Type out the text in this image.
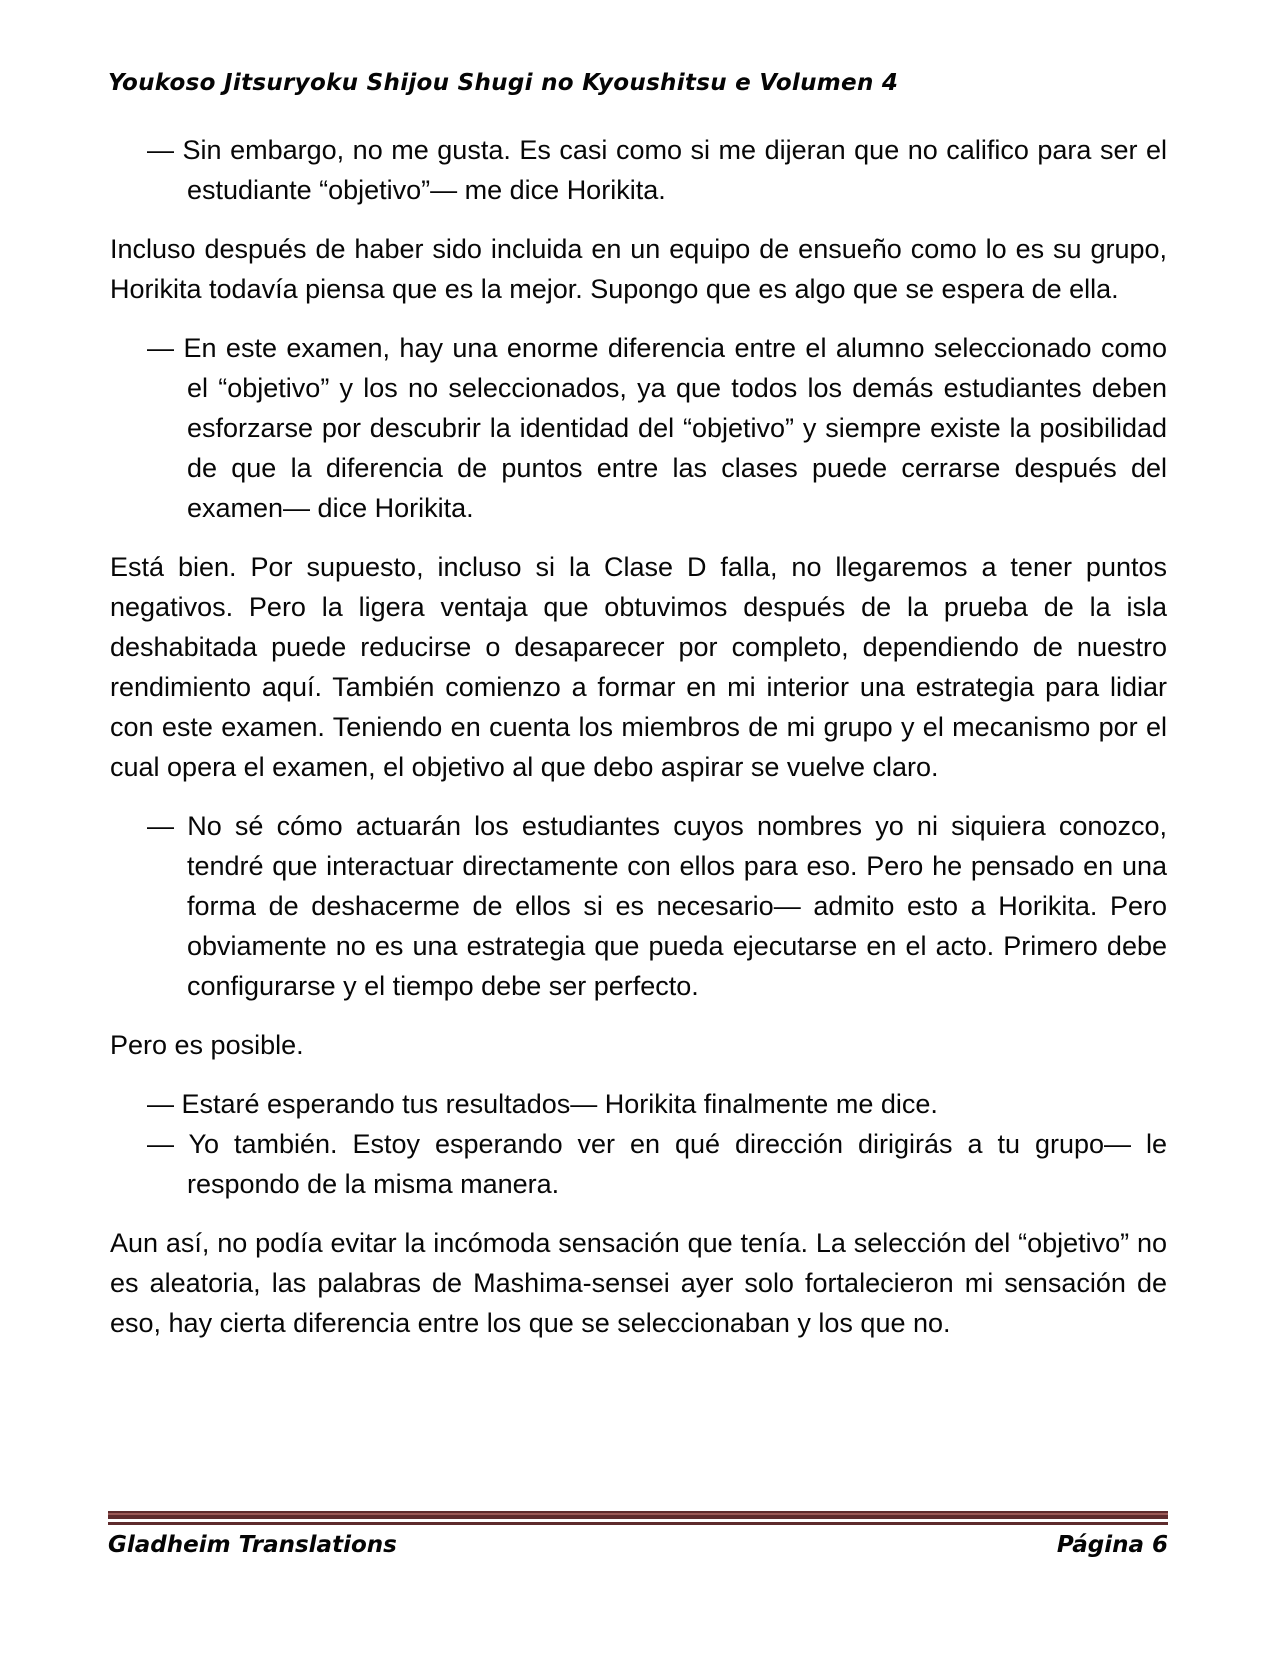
Youkoso Jitsuryoku Shijou Shugi no Kyoushitsu e Volumen 4

— Sin embargo, no me gusta. Es casi como si me dijeran que no califico para ser el estudiante “objetivo”— me dice Horikita.

Incluso después de haber sido incluida en un equipo de ensueño como lo es su grupo, Horikita todavía piensa que es la mejor. Supongo que es algo que se espera de ella.

— En este examen, hay una enorme diferencia entre el alumno seleccionado como el “objetivo” y los no seleccionados, ya que todos los demás estudiantes deben esforzarse por descubrir la identidad del “objetivo” y siempre existe la posibilidad de que la diferencia de puntos entre las clases puede cerrarse después del examen— dice Horikita.

Está bien. Por supuesto, incluso si la Clase D falla, no llegaremos a tener puntos negativos. Pero la ligera ventaja que obtuvimos después de la prueba de la isla deshabitada puede reducirse o desaparecer por completo, dependiendo de nuestro rendimiento aquí. También comienzo a formar en mi interior una estrategia para lidiar con este examen. Teniendo en cuenta los miembros de mi grupo y el mecanismo por el cual opera el examen, el objetivo al que debo aspirar se vuelve claro.

— No sé cómo actuarán los estudiantes cuyos nombres yo ni siquiera conozco, tendré que interactuar directamente con ellos para eso. Pero he pensado en una forma de deshacerme de ellos si es necesario— admito esto a Horikita. Pero obviamente no es una estrategia que pueda ejecutarse en el acto. Primero debe configurarse y el tiempo debe ser perfecto.

Pero es posible.

— Estaré esperando tus resultados— Horikita finalmente me dice.

— Yo también. Estoy esperando ver en qué dirección dirigirás a tu grupo— le respondo de la misma manera.

Aun así, no podía evitar la incómoda sensación que tenía. La selección del “objetivo” no es aleatoria, las palabras de Mashima-sensei ayer solo fortalecieron mi sensación de eso, hay cierta diferencia entre los que se seleccionaban y los que no.

Gladheim Translations	Página 6
